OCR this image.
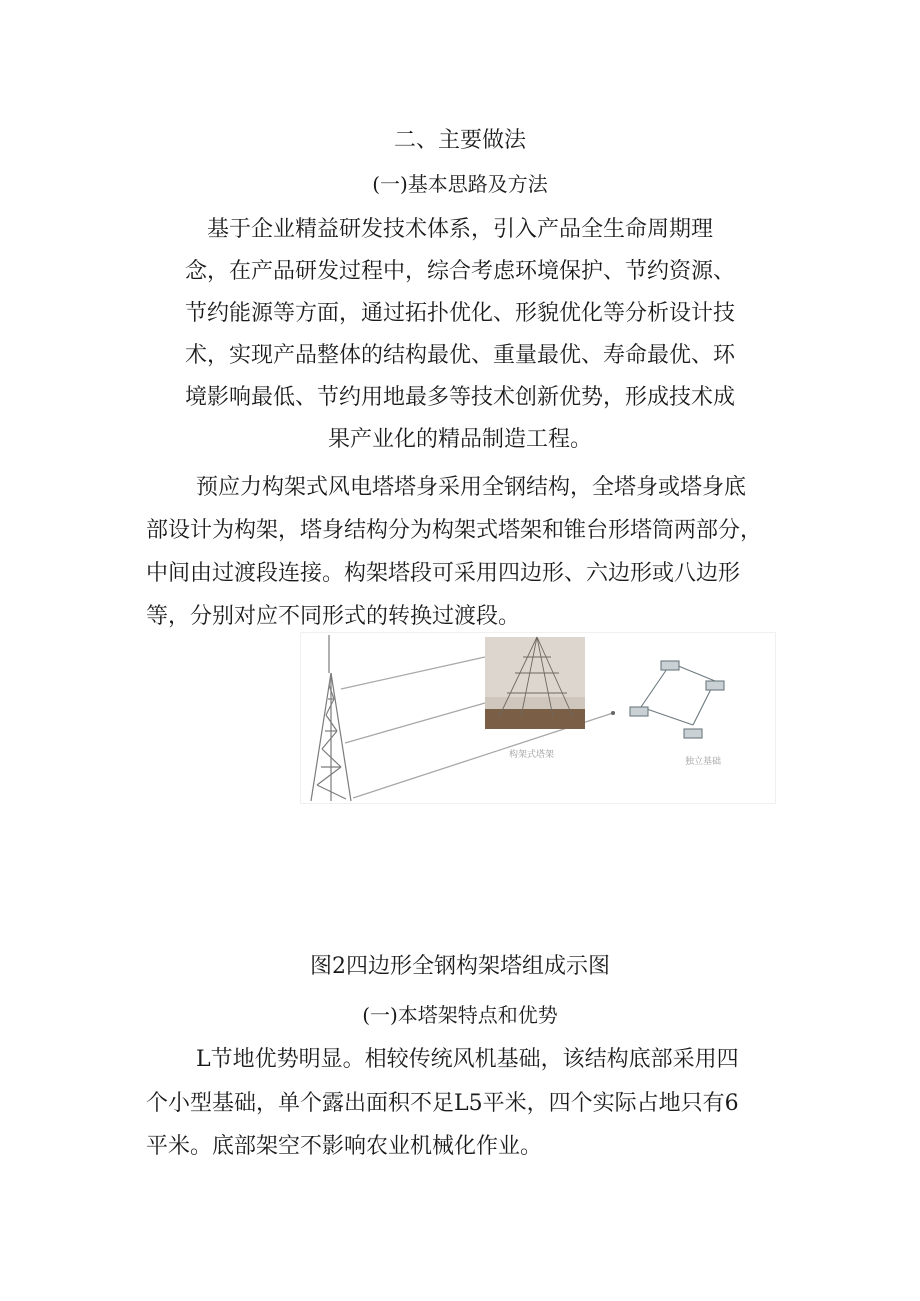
二、主要做法
(一)基本思路及方法
基于企业精益研发技术体系，引入产品全生命周期理
念，在产品研发过程中，综合考虑环境保护、节约资源、
节约能源等方面，通过拓扑优化、形貌优化等分析设计技
术，实现产品整体的结构最优、重量最优、寿命最优、环
境影响最低、节约用地最多等技术创新优势，形成技术成
果产业化的精品制造工程。
预应力构架式风电塔塔身采用全钢结构，全塔身或塔身底
部设计为构架，塔身结构分为构架式塔架和锥台形塔筒两部分，
中间由过渡段连接。构架塔段可采用四边形、六边形或八边形
等，分别对应不同形式的转换过渡段。
构架式塔架
独立基础
图2四边形全钢构架塔组成示图
(一)本塔架特点和优势
L节地优势明显。相较传统风机基础，该结构底部采用四
个小型基础，单个露出面积不足L5平米，四个实际占地只有6
平米。底部架空不影响农业机械化作业。
